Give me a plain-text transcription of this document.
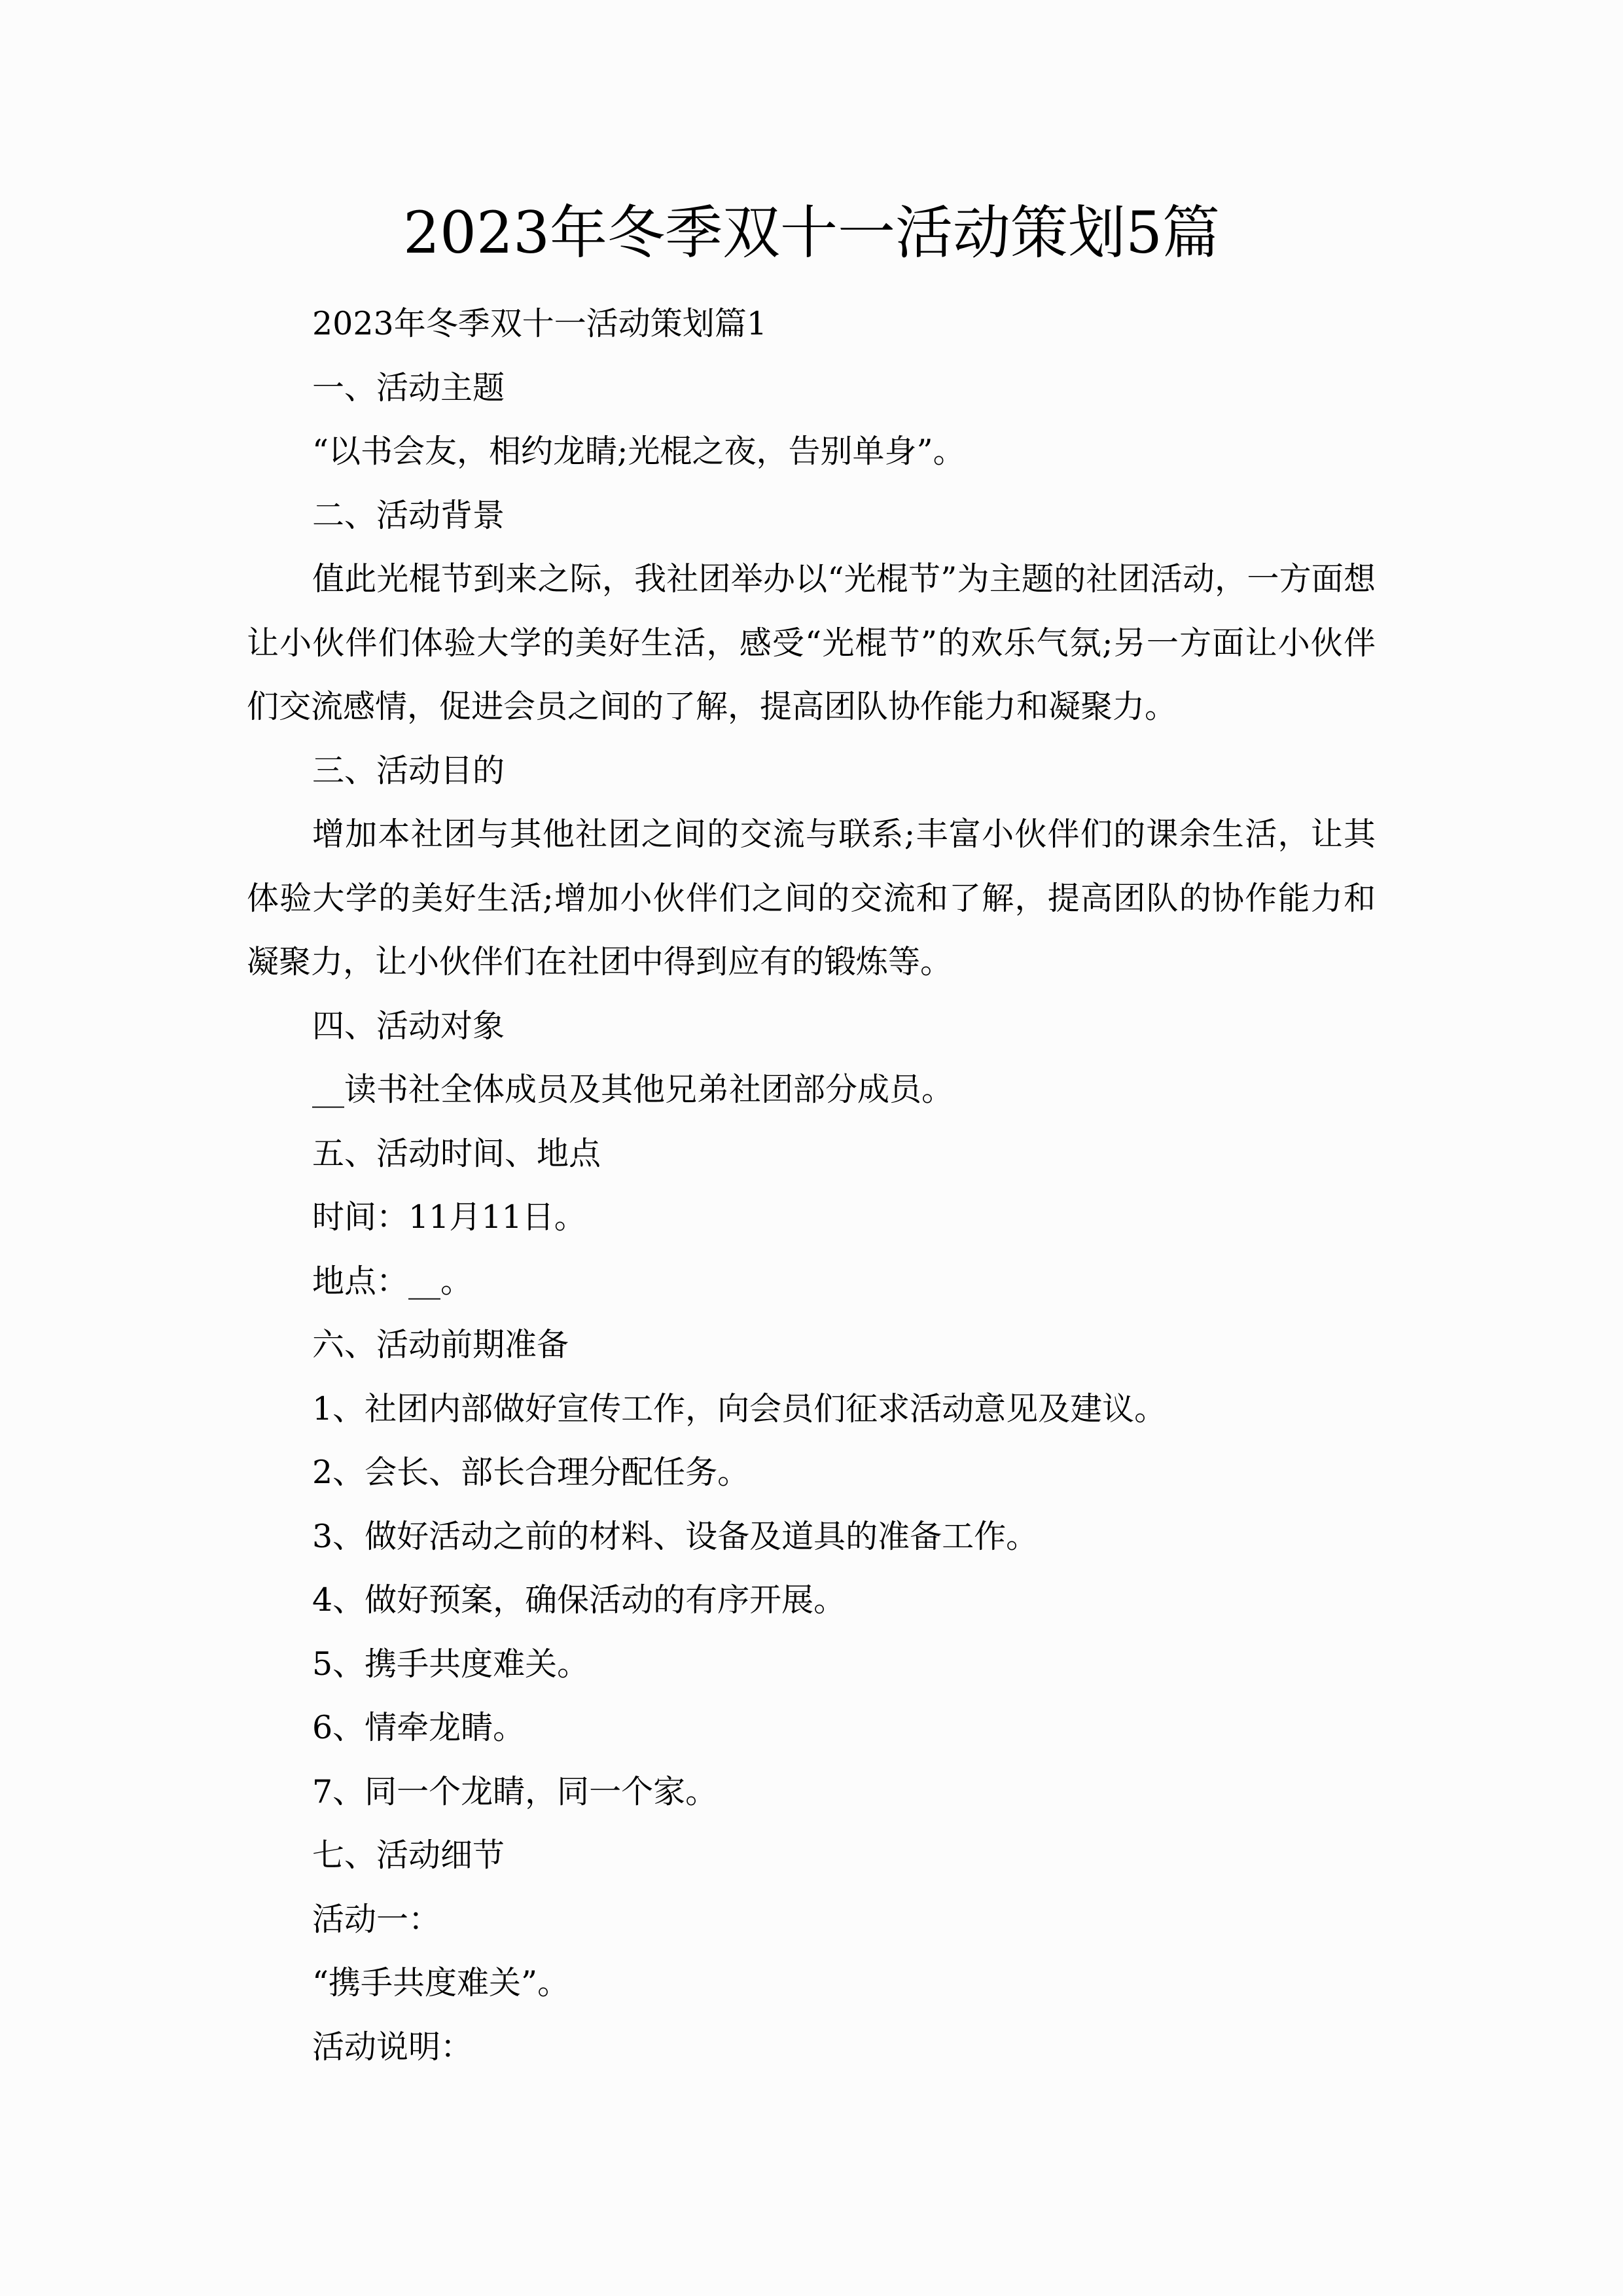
2023年冬季双十一活动策划5篇

2023年冬季双十一活动策划篇1

一、活动主题

“以书会友，相约龙睛;光棍之夜，告别单身”。

二、活动背景

值此光棍节到来之际，我社团举办以“光棍节”为主题的社团活动，一方面想让小伙伴们体验大学的美好生活，感受“光棍节”的欢乐气氛;另一方面让小伙伴们交流感情，促进会员之间的了解，提高团队协作能力和凝聚力。

三、活动目的

增加本社团与其他社团之间的交流与联系;丰富小伙伴们的课余生活，让其体验大学的美好生活;增加小伙伴们之间的交流和了解，提高团队的协作能力和凝聚力，让小伙伴们在社团中得到应有的锻炼等。

四、活动对象

__读书社全体成员及其他兄弟社团部分成员。

五、活动时间、地点

时间：11月11日。

地点：__。

六、活动前期准备

1、社团内部做好宣传工作，向会员们征求活动意见及建议。

2、会长、部长合理分配任务。

3、做好活动之前的材料、设备及道具的准备工作。

4、做好预案，确保活动的有序开展。

5、携手共度难关。

6、情牵龙睛。

7、同一个龙睛，同一个家。

七、活动细节

活动一：

“携手共度难关”。

活动说明：
